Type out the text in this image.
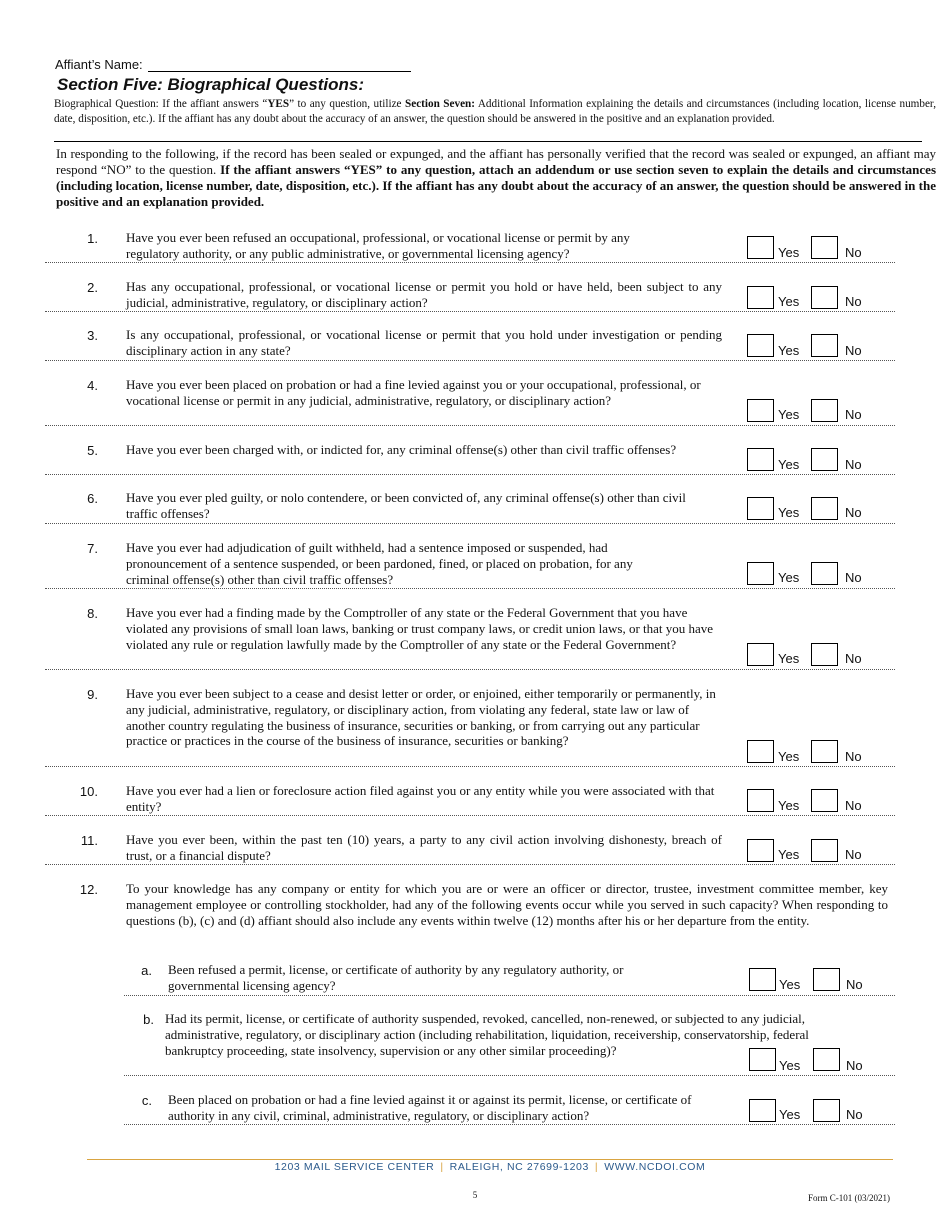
Affiant’s Name:
Section Five: Biographical Questions:
Biographical Question: If the affiant answers “YES” to any question, utilize Section Seven: Additional Information explaining the details and circumstances (including location, license number, date, disposition, etc.). If the affiant has any doubt about the accuracy of an answer, the question should be answered in the positive and an explanation provided.
In responding to the following, if the record has been sealed or expunged, and the affiant has personally verified that the record was sealed or expunged, an affiant may respond “NO” to the question. If the affiant answers “YES” to any question, attach an addendum or use section seven to explain the details and circumstances (including location, license number, date, disposition, etc.). If the affiant has any doubt about the accuracy of an answer, the question should be answered in the positive and an explanation provided.
1. Have you ever been refused an occupational, professional, or vocational license or permit by any regulatory authority, or any public administrative, or governmental licensing agency?	Yes	No
2. Has any occupational, professional, or vocational license or permit you hold or have held, been subject to any judicial, administrative, regulatory, or disciplinary action?	Yes	No
3. Is any occupational, professional, or vocational license or permit that you hold under investigation or pending disciplinary action in any state?	Yes	No
4. Have you ever been placed on probation or had a fine levied against you or your occupational, professional, or vocational license or permit in any judicial, administrative, regulatory, or disciplinary action?
Yes	No
5. Have you ever been charged with, or indicted for, any criminal offense(s) other than civil traffic offenses?
Yes	No
6. Have you ever pled guilty, or nolo contendere, or been convicted of, any criminal offense(s) other than civil traffic offenses?	Yes	No
7. Have you ever had adjudication of guilt withheld, had a sentence imposed or suspended, had pronouncement of a sentence suspended, or been pardoned, fined, or placed on probation, for any criminal offense(s) other than civil traffic offenses?	Yes	No
8. Have you ever had a finding made by the Comptroller of any state or the Federal Government that you have violated any provisions of small loan laws, banking or trust company laws, or credit union laws, or that you have violated any rule or regulation lawfully made by the Comptroller of any state or the Federal Government?
Yes	No
9. Have you ever been subject to a cease and desist letter or order, or enjoined, either temporarily or permanently, in any judicial, administrative, regulatory, or disciplinary action, from violating any federal, state law or law of another country regulating the business of insurance, securities or banking, or from carrying out any particular practice or practices in the course of the business of insurance, securities or banking?
Yes	No
10. Have you ever had a lien or foreclosure action filed against you or any entity while you were associated with that entity?	Yes	No
11. Have you ever been, within the past ten (10) years, a party to any civil action involving dishonesty, breach of trust, or a financial dispute?	Yes	No
12. To your knowledge has any company or entity for which you are or were an officer or director, trustee, investment committee member, key management employee or controlling stockholder, had any of the following events occur while you served in such capacity? When responding to questions (b), (c) and (d) affiant should also include any events within twelve (12) months after his or her departure from the entity.
a. Been refused a permit, license, or certificate of authority by any regulatory authority, or governmental licensing agency?	Yes	No
b. Had its permit, license, or certificate of authority suspended, revoked, cancelled, non-renewed, or subjected to any judicial, administrative, regulatory, or disciplinary action (including rehabilitation, liquidation, receivership, conservatorship, federal bankruptcy proceeding, state insolvency, supervision or any other similar proceeding)?
Yes	No
c. Been placed on probation or had a fine levied against it or against its permit, license, or certificate of authority in any civil, criminal, administrative, regulatory, or disciplinary action?	Yes	No
1203 MAIL SERVICE CENTER | RALEIGH, NC 27699-1203 | WWW.NCDOI.COM
5	Form C-101 (03/2021)
